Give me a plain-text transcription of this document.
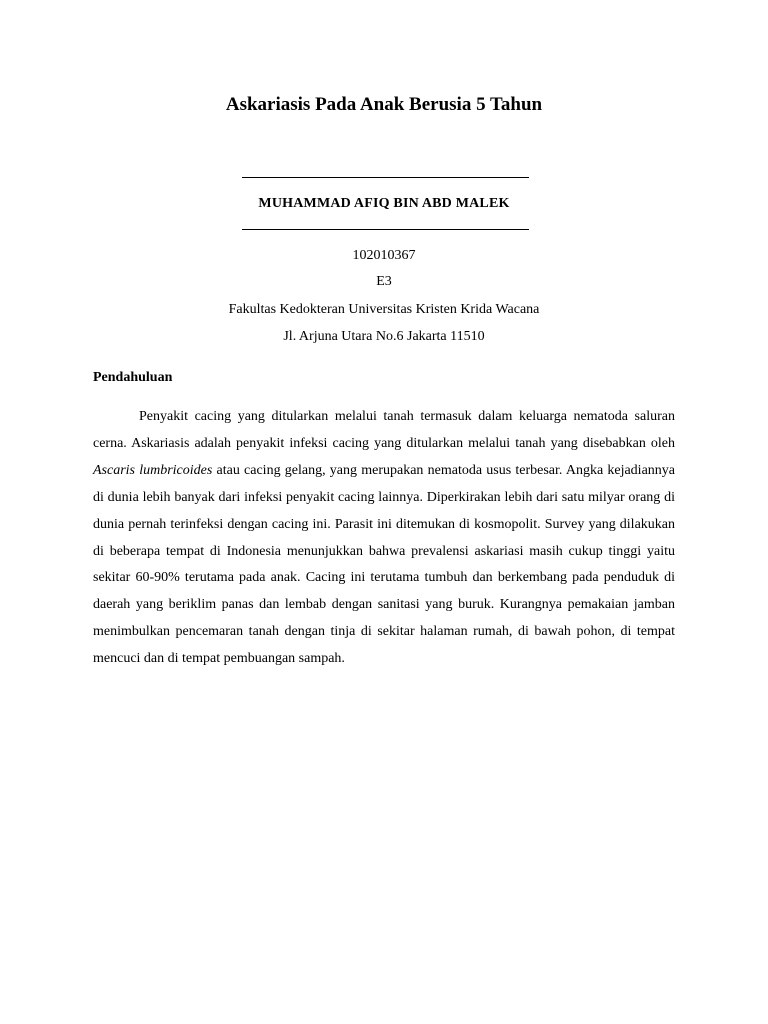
Askariasis Pada Anak Berusia 5 Tahun
MUHAMMAD AFIQ BIN ABD MALEK
102010367
E3
Fakultas Kedokteran Universitas Kristen Krida Wacana
Jl. Arjuna Utara No.6 Jakarta 11510
Pendahuluan

Penyakit cacing yang ditularkan melalui tanah termasuk dalam keluarga nematoda saluran cerna. Askariasis adalah penyakit infeksi cacing yang ditularkan melalui tanah yang disebabkan oleh Ascaris lumbricoides atau cacing gelang, yang merupakan nematoda usus terbesar. Angka kejadiannya di dunia lebih banyak dari infeksi penyakit cacing lainnya. Diperkirakan lebih dari satu milyar orang di dunia pernah terinfeksi dengan cacing ini. Parasit ini ditemukan di kosmopolit. Survey yang dilakukan di beberapa tempat di Indonesia menunjukkan bahwa prevalensi askariasi masih cukup tinggi yaitu sekitar 60-90% terutama pada anak. Cacing ini terutama tumbuh dan berkembang pada penduduk di daerah yang beriklim panas dan lembab dengan sanitasi yang buruk. Kurangnya pemakaian jamban menimbulkan pencemaran tanah dengan tinja di sekitar halaman rumah, di bawah pohon, di tempat mencuci dan di tempat pembuangan sampah.
